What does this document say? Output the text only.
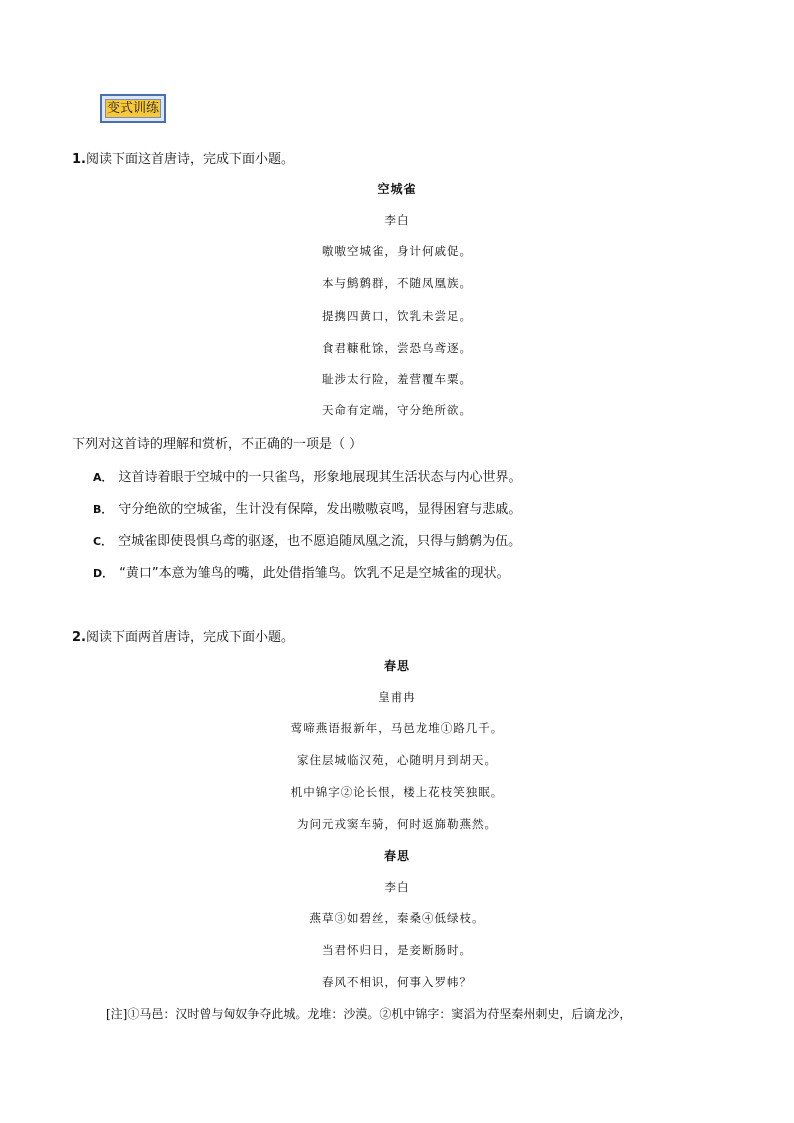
变式训练
1.阅读下面这首唐诗，完成下面小题。
空城雀
李白
嗷嗷空城雀，身计何戚促。
本与鹪鹩群，不随凤凰族。
提携四黄口，饮乳未尝足。
食君糠秕馀，尝恐乌鸢逐。
耻涉太行险，羞营覆车粟。
天命有定端，守分绝所欲。
下列对这首诗的理解和赏析，不正确的一项是（ ）
A． 这首诗着眼于空城中的一只雀鸟，形象地展现其生活状态与内心世界。
B． 守分绝欲的空城雀，生计没有保障，发出嗷嗷哀鸣，显得困窘与悲戚。
C． 空城雀即使畏惧乌鸢的驱逐，也不愿追随凤凰之流，只得与鹪鹩为伍。
D． “黄口”本意为雏鸟的嘴，此处借指雏鸟。饮乳不足是空城雀的现状。
2.阅读下面两首唐诗，完成下面小题。
春思
皇甫冉
莺啼燕语报新年，马邑龙堆①路几千。
家住层城临汉苑，心随明月到胡天。
机中锦字②论长恨，楼上花枝笑独眠。
为问元戎窦车骑，何时返旆勒燕然。
春思
李白
燕草③如碧丝，秦桑④低绿枝。
当君怀归日，是妾断肠时。
春风不相识，何事入罗帏？
[注]①马邑：汉时曾与匈奴争夺此城。龙堆：沙漠。②机中锦字：窦滔为苻坚秦州刺史，后谪龙沙，
